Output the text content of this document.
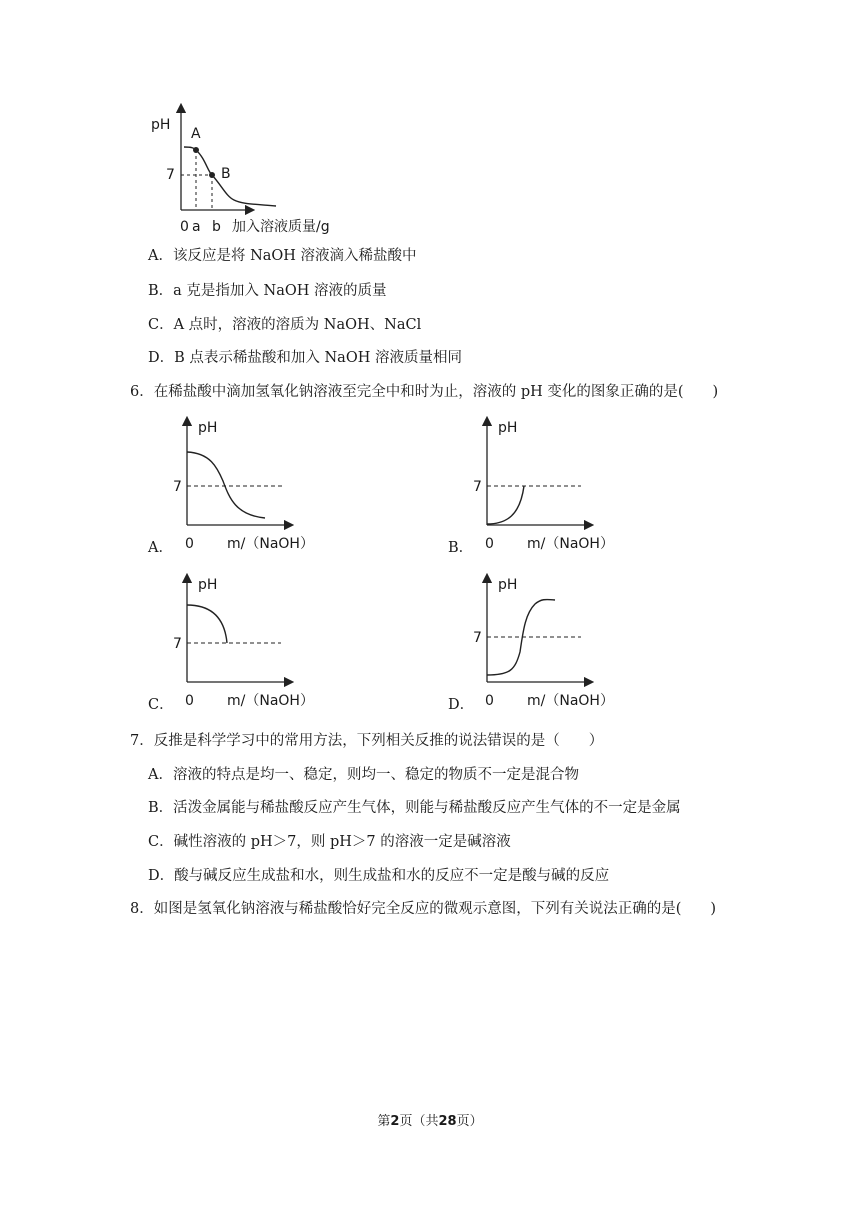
pH
A
B
7
0 a b 加入溶液质量/g
A．该反应是将 NaOH 溶液滴入稀盐酸中
B．a 克是指加入 NaOH 溶液的质量
C．A 点时，溶液的溶质为 NaOH、NaCl
D．B 点表示稀盐酸和加入 NaOH 溶液质量相同
6．在稀盐酸中滴加氢氧化钠溶液至完全中和时为止，溶液的 pH 变化的图象正确的是(　　)
A．
pH
7
0 m/（NaOH）	B．
pH
7
0 m/（NaOH）
C．
pH
7
0 m/（NaOH）	D．
pH
7
0 m/（NaOH）
7．反推是科学学习中的常用方法，下列相关反推的说法错误的是（　　）
A．溶液的特点是均一、稳定，则均一、稳定的物质不一定是混合物
B．活泼金属能与稀盐酸反应产生气体，则能与稀盐酸反应产生气体的不一定是金属
C．碱性溶液的 pH＞7，则 pH＞7 的溶液一定是碱溶液
D．酸与碱反应生成盐和水，则生成盐和水的反应不一定是酸与碱的反应
8．如图是氢氧化钠溶液与稀盐酸恰好完全反应的微观示意图，下列有关说法正确的是(　　)
第2页（共28页）
